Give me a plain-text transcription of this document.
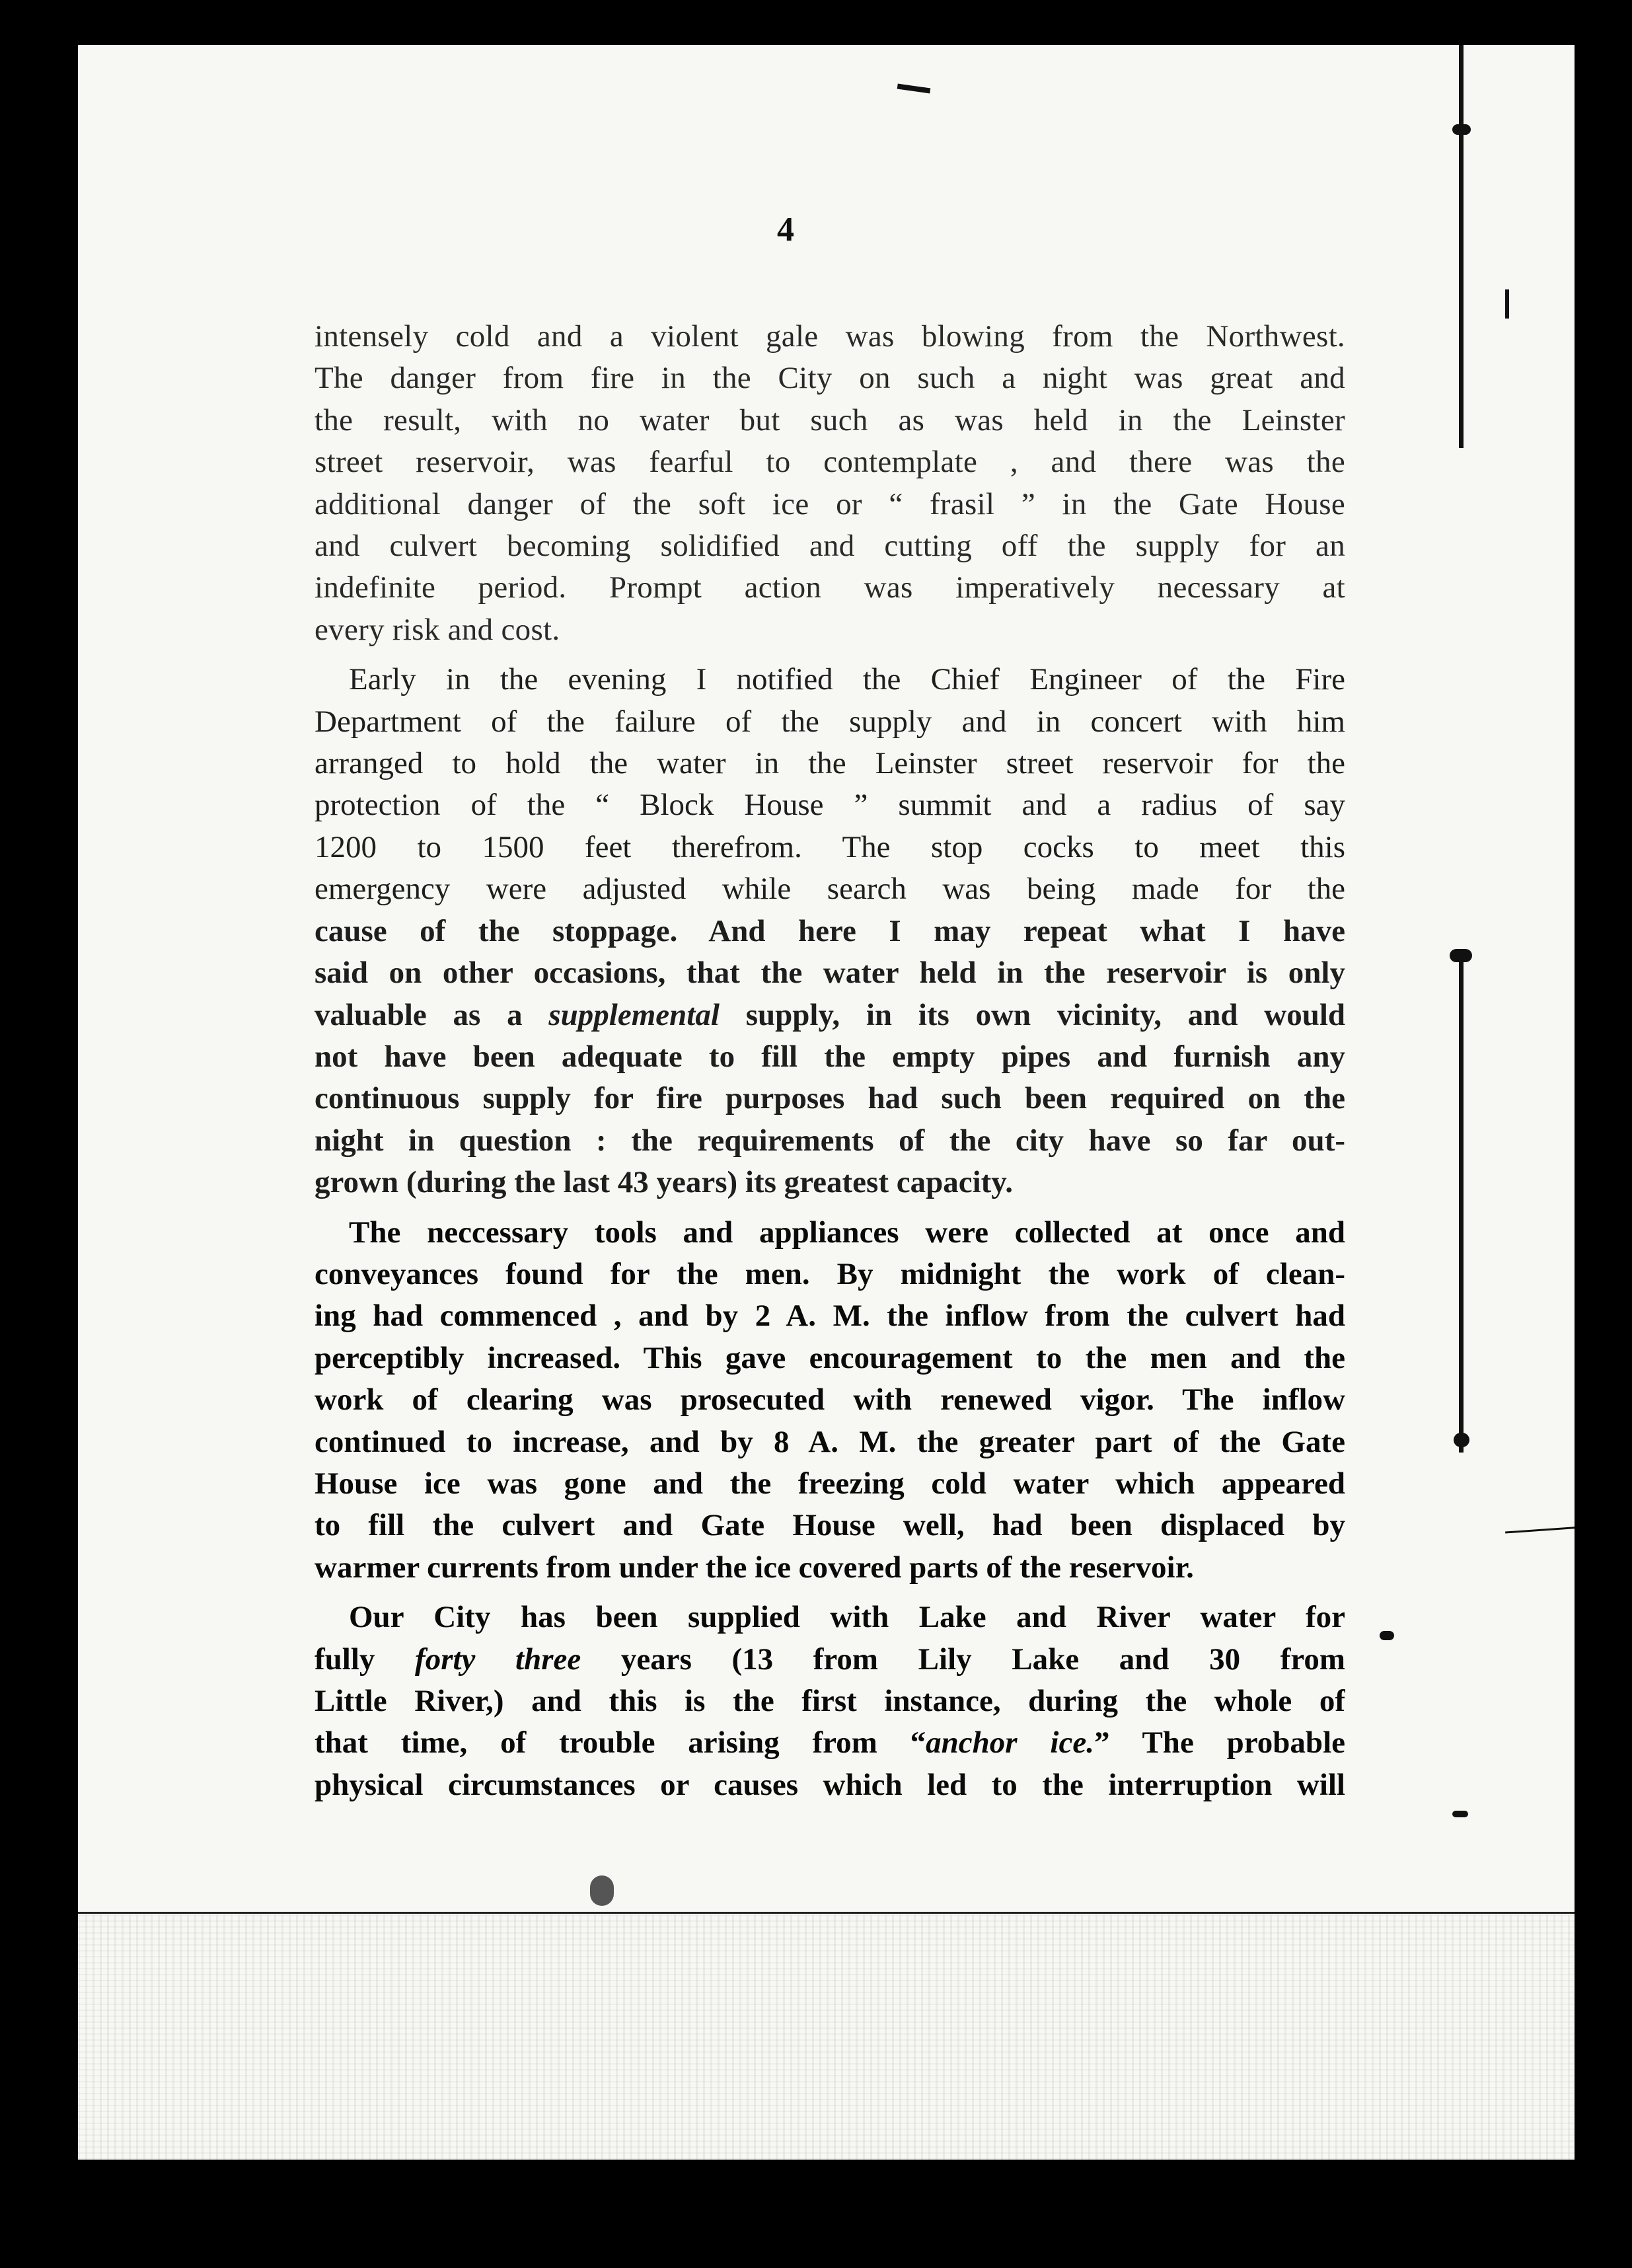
4
intensely cold and a violent gale was blowing from the Northwest.
The danger from fire in the City on such a night was great and
the result, with no water but such as was held in the Leinster
street reservoir, was fearful to contemplate , and there was the
additional danger of the soft ice or “ frasil ” in the Gate House
and culvert becoming solidified and cutting off the supply for an
indefinite period. Prompt action was imperatively necessary at
every risk and cost.
Early in the evening I notified the Chief Engineer of the Fire
Department of the failure of the supply and in concert with him
arranged to hold the water in the Leinster street reservoir for the
protection of the “ Block House ” summit and a radius of say
1200 to 1500 feet therefrom. The stop cocks to meet this
emergency were adjusted while search was being made for the
cause of the stoppage. And here I may repeat what I have
said on other occasions, that the water held in the reservoir is only
valuable as a supplemental supply, in its own vicinity, and would
not have been adequate to fill the empty pipes and furnish any
continuous supply for fire purposes had such been required on the
night in question : the requirements of the city have so far out-
grown (during the last 43 years) its greatest capacity.
The neccessary tools and appliances were collected at once and
conveyances found for the men. By midnight the work of clean-
ing had commenced , and by 2 A. M. the inflow from the culvert had
perceptibly increased. This gave encouragement to the men and the
work of clearing was prosecuted with renewed vigor. The inflow
continued to increase, and by 8 A. M. the greater part of the Gate
House ice was gone and the freezing cold water which appeared
to fill the culvert and Gate House well, had been displaced by
warmer currents from under the ice covered parts of the reservoir.
Our City has been supplied with Lake and River water for
fully forty three years (13 from Lily Lake and 30 from
Little River,) and this is the first instance, during the whole of
that time, of trouble arising from “anchor ice.” The probable
physical circumstances or causes which led to the interruption will
